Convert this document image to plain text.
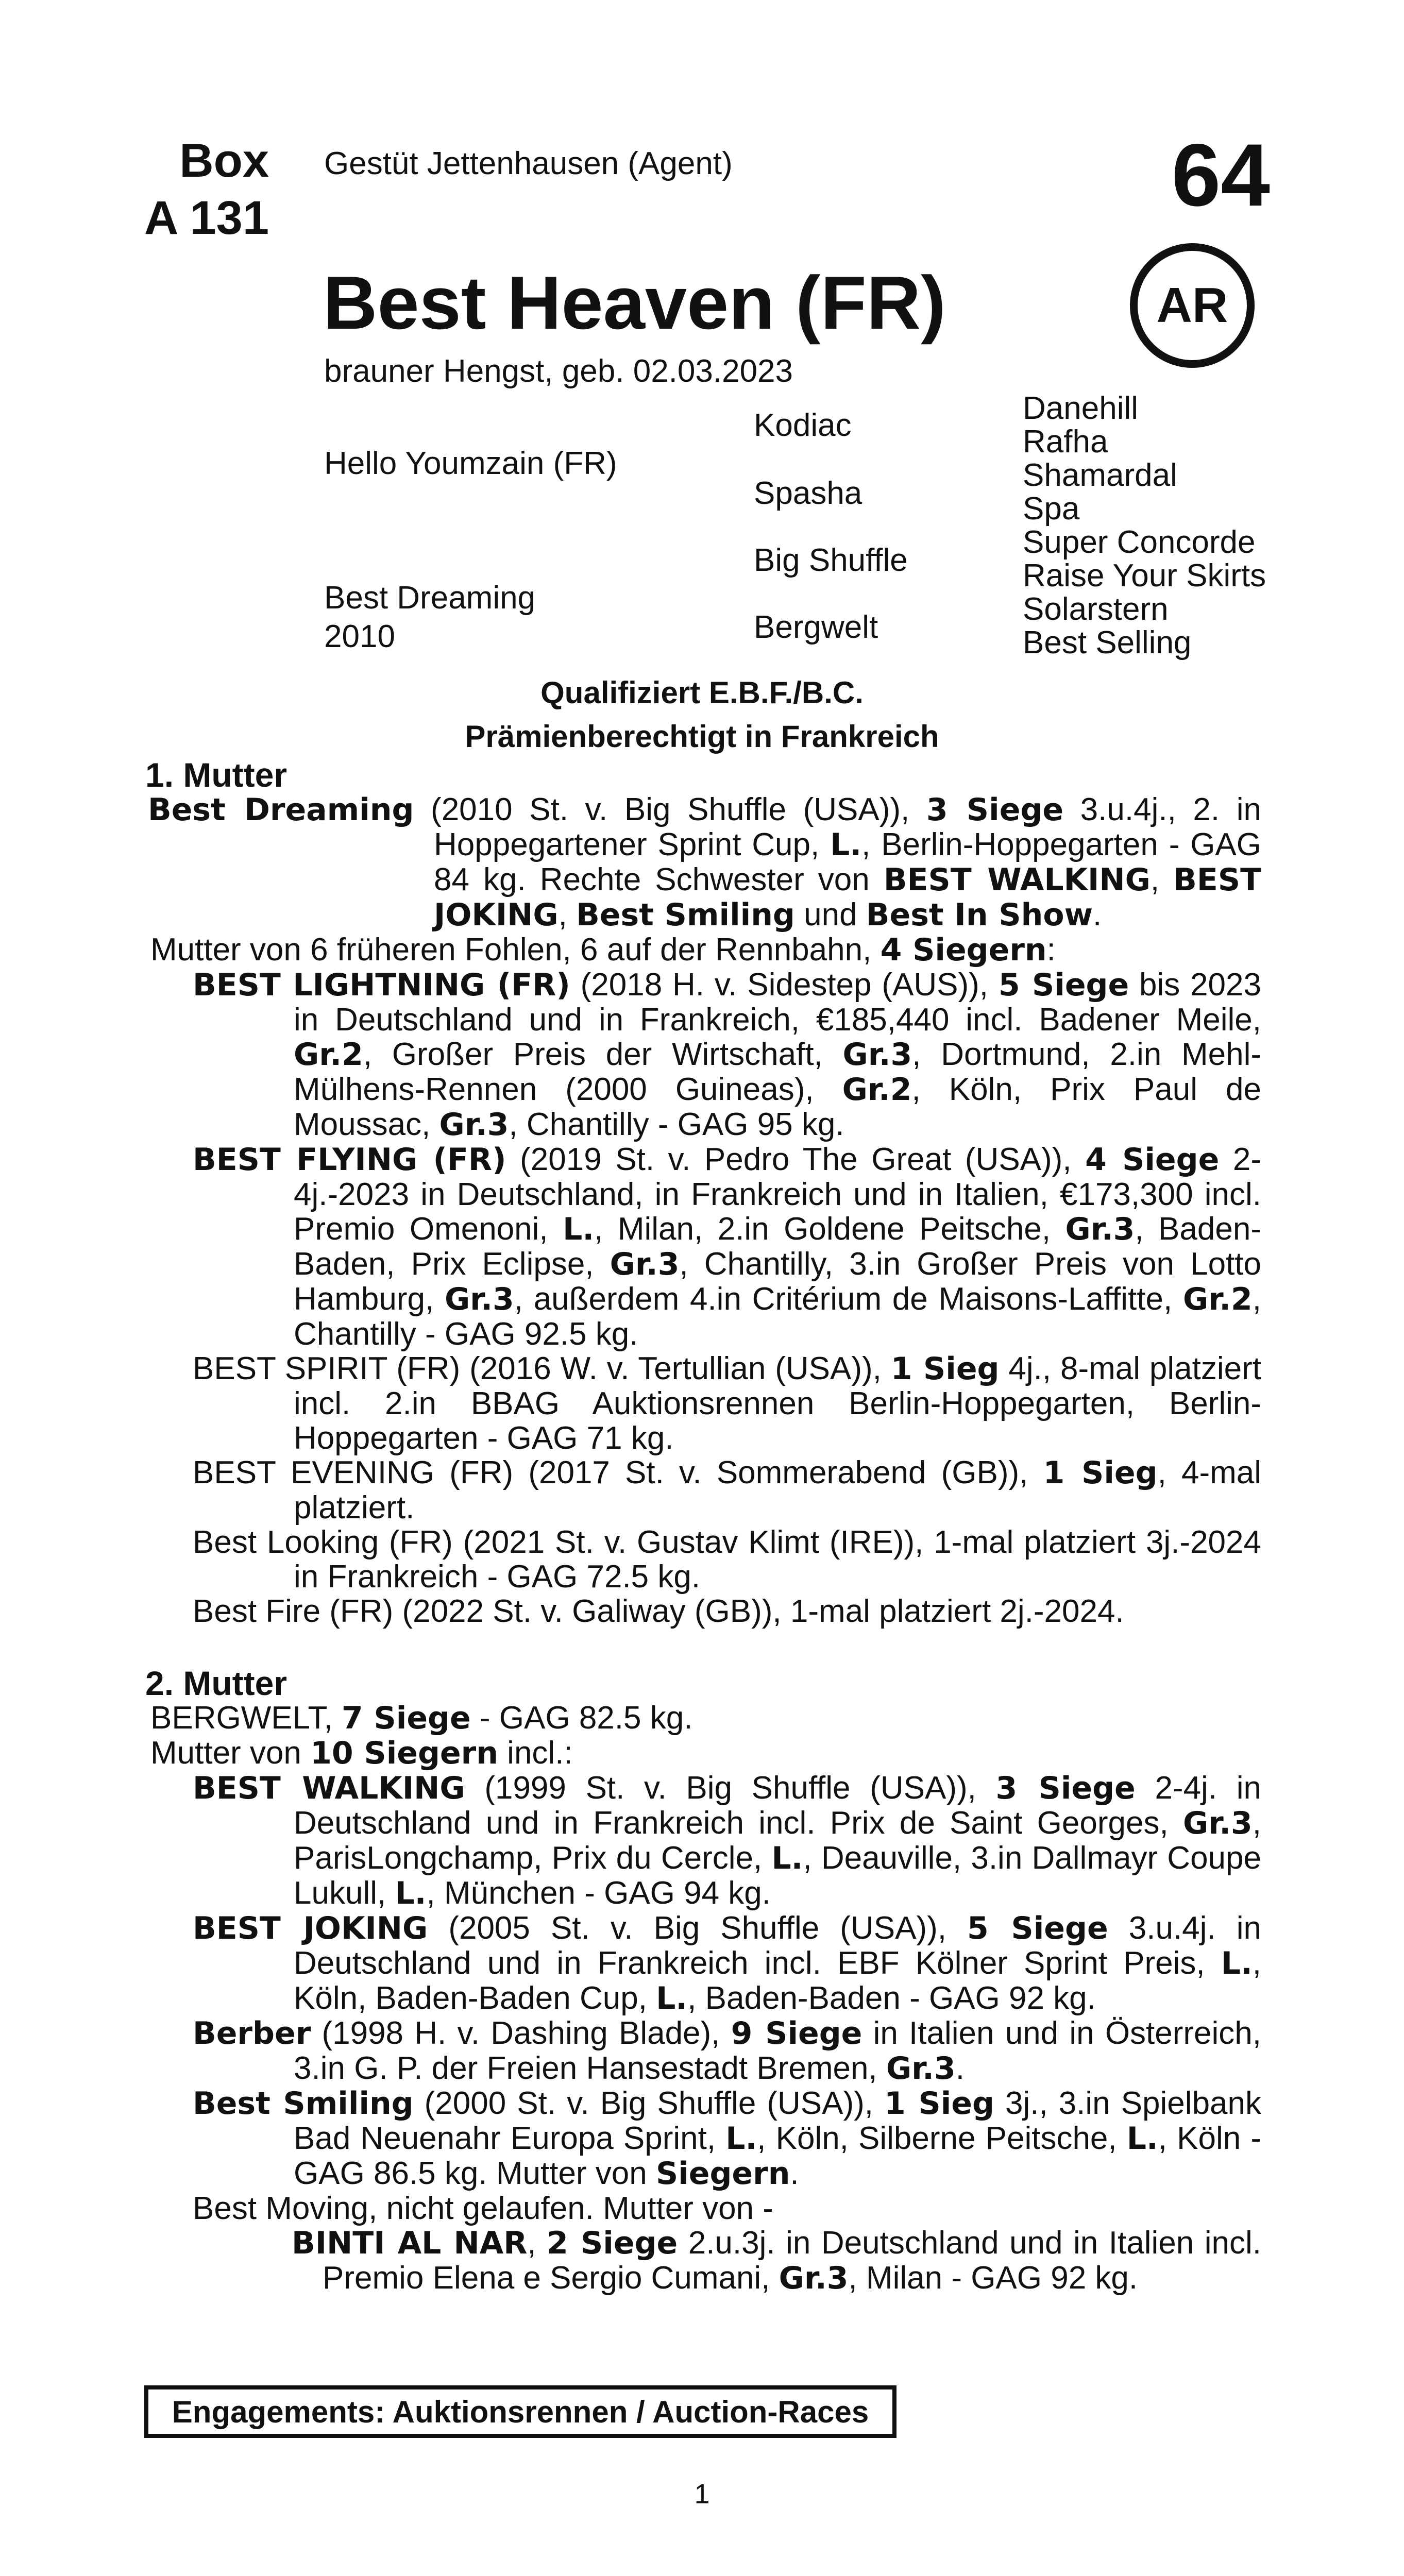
Box
A 131
Gestüt Jettenhausen (Agent)	64
AR
Best Heaven (FR)
brauner Hengst, geb. 02.03.2023
Hello Youmzain (FR)
Best Dreaming
2010
Kodiac
Spasha
Big Shuffle
Bergwelt
Danehill
Rafha
Shamardal
Spa
Super Concorde
Raise Your Skirts
Solarstern
Best Selling
Qualifiziert E.B.F./B.C.
Prämienberechtigt in Frankreich

1. Mutter

Best Dreaming (2010 St. v. Big Shuffle (USA)), 3 Siege 3.u.4j., 2. in Hoppegartener Sprint Cup, L., Berlin-Hoppegarten - GAG 84 kg. Rechte Schwester von BEST WALKING, BEST JOKING, Best Smiling und Best In Show.

Mutter von 6 früheren Fohlen, 6 auf der Rennbahn, 4 Siegern:

BEST LIGHTNING (FR) (2018 H. v. Sidestep (AUS)), 5 Siege bis 2023 in Deutschland und in Frankreich, €185,440 incl. Badener Meile, Gr.2, Großer Preis der Wirtschaft, Gr.3, Dortmund, 2.in Mehl-Mülhens-Rennen (2000 Guineas), Gr.2, Köln, Prix Paul de Moussac, Gr.3, Chantilly - GAG 95 kg.

BEST FLYING (FR) (2019 St. v. Pedro The Great (USA)), 4 Siege 2-4j.-2023 in Deutschland, in Frankreich und in Italien, €173,300 incl. Premio Omenoni, L., Milan, 2.in Goldene Peitsche, Gr.3, Baden-Baden, Prix Eclipse, Gr.3, Chantilly, 3.in Großer Preis von Lotto Hamburg, Gr.3, außerdem 4.in Critérium de Maisons-Laffitte, Gr.2, Chantilly - GAG 92.5 kg.

BEST SPIRIT (FR) (2016 W. v. Tertullian (USA)), 1 Sieg 4j., 8-mal platziert incl. 2.in BBAG Auktionsrennen Berlin-Hoppegarten, Berlin-Hoppegarten - GAG 71 kg.

BEST EVENING (FR) (2017 St. v. Sommerabend (GB)), 1 Sieg, 4-mal platziert.

Best Looking (FR) (2021 St. v. Gustav Klimt (IRE)), 1-mal platziert 3j.-2024 in Frankreich - GAG 72.5 kg.

Best Fire (FR) (2022 St. v. Galiway (GB)), 1-mal platziert 2j.-2024.

2. Mutter

BERGWELT, 7 Siege - GAG 82.5 kg.

Mutter von 10 Siegern incl.:

BEST WALKING (1999 St. v. Big Shuffle (USA)), 3 Siege 2-4j. in Deutschland und in Frankreich incl. Prix de Saint Georges, Gr.3, ParisLongchamp, Prix du Cercle, L., Deauville, 3.in Dallmayr Coupe Lukull, L., München - GAG 94 kg.

BEST JOKING (2005 St. v. Big Shuffle (USA)), 5 Siege 3.u.4j. in Deutschland und in Frankreich incl. EBF Kölner Sprint Preis, L., Köln, Baden-Baden Cup, L., Baden-Baden - GAG 92 kg.

Berber (1998 H. v. Dashing Blade), 9 Siege in Italien und in Österreich, 3.in G. P. der Freien Hansestadt Bremen, Gr.3.

Best Smiling (2000 St. v. Big Shuffle (USA)), 1 Sieg 3j., 3.in Spielbank Bad Neuenahr Europa Sprint, L., Köln, Silberne Peitsche, L., Köln - GAG 86.5 kg. Mutter von Siegern.

Best Moving, nicht gelaufen. Mutter von -

BINTI AL NAR, 2 Siege 2.u.3j. in Deutschland und in Italien incl. Premio Elena e Sergio Cumani, Gr.3, Milan - GAG 92 kg.

Engagements: Auktionsrennen / Auction-Races
1
